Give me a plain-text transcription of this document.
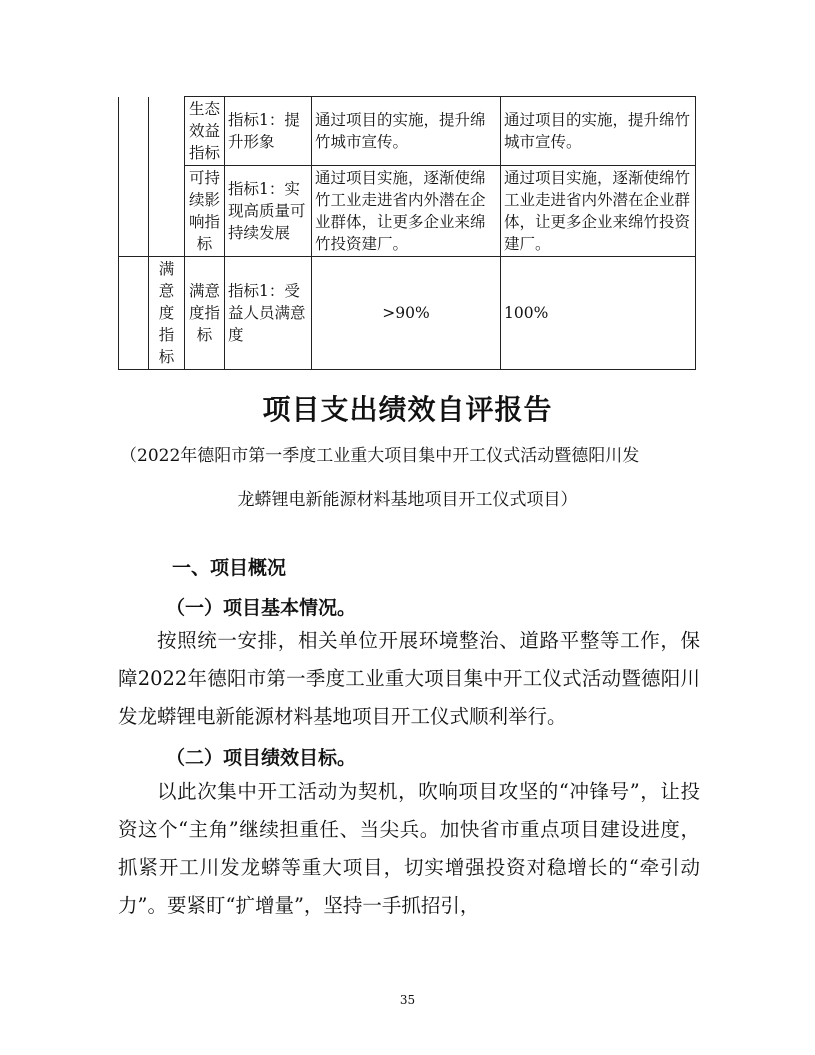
		生态效益指标	指标1：提升形象	通过项目的实施，提升绵竹城市宣传。	通过项目的实施，提升绵竹城市宣传。
		可持续影响指标	指标1：实现高质量可持续发展	通过项目实施，逐渐使绵竹工业走进省内外潜在企业群体，让更多企业来绵竹投资建厂。	通过项目实施，逐渐使绵竹工业走进省内外潜在企业群体，让更多企业来绵竹投资建厂。
	满意度指标	满意度指标	指标1：受益人员满意度	>90%	100%
项目支出绩效自评报告
（2022年德阳市第一季度工业重大项目集中开工仪式活动暨德阳川发
龙蟒锂电新能源材料基地项目开工仪式项目）
一、项目概况
（一）项目基本情况。
按照统一安排，相关单位开展环境整治、道路平整等工作，保障2022年德阳市第一季度工业重大项目集中开工仪式活动暨德阳川发龙蟒锂电新能源材料基地项目开工仪式顺利举行。
（二）项目绩效目标。
以此次集中开工活动为契机，吹响项目攻坚的“冲锋号”，让投资这个“主角”继续担重任、当尖兵。加快省市重点项目建设进度，抓紧开工川发龙蟒等重大项目，切实增强投资对稳增长的“牵引动力”。要紧盯“扩增量”，坚持一手抓招引，
35
